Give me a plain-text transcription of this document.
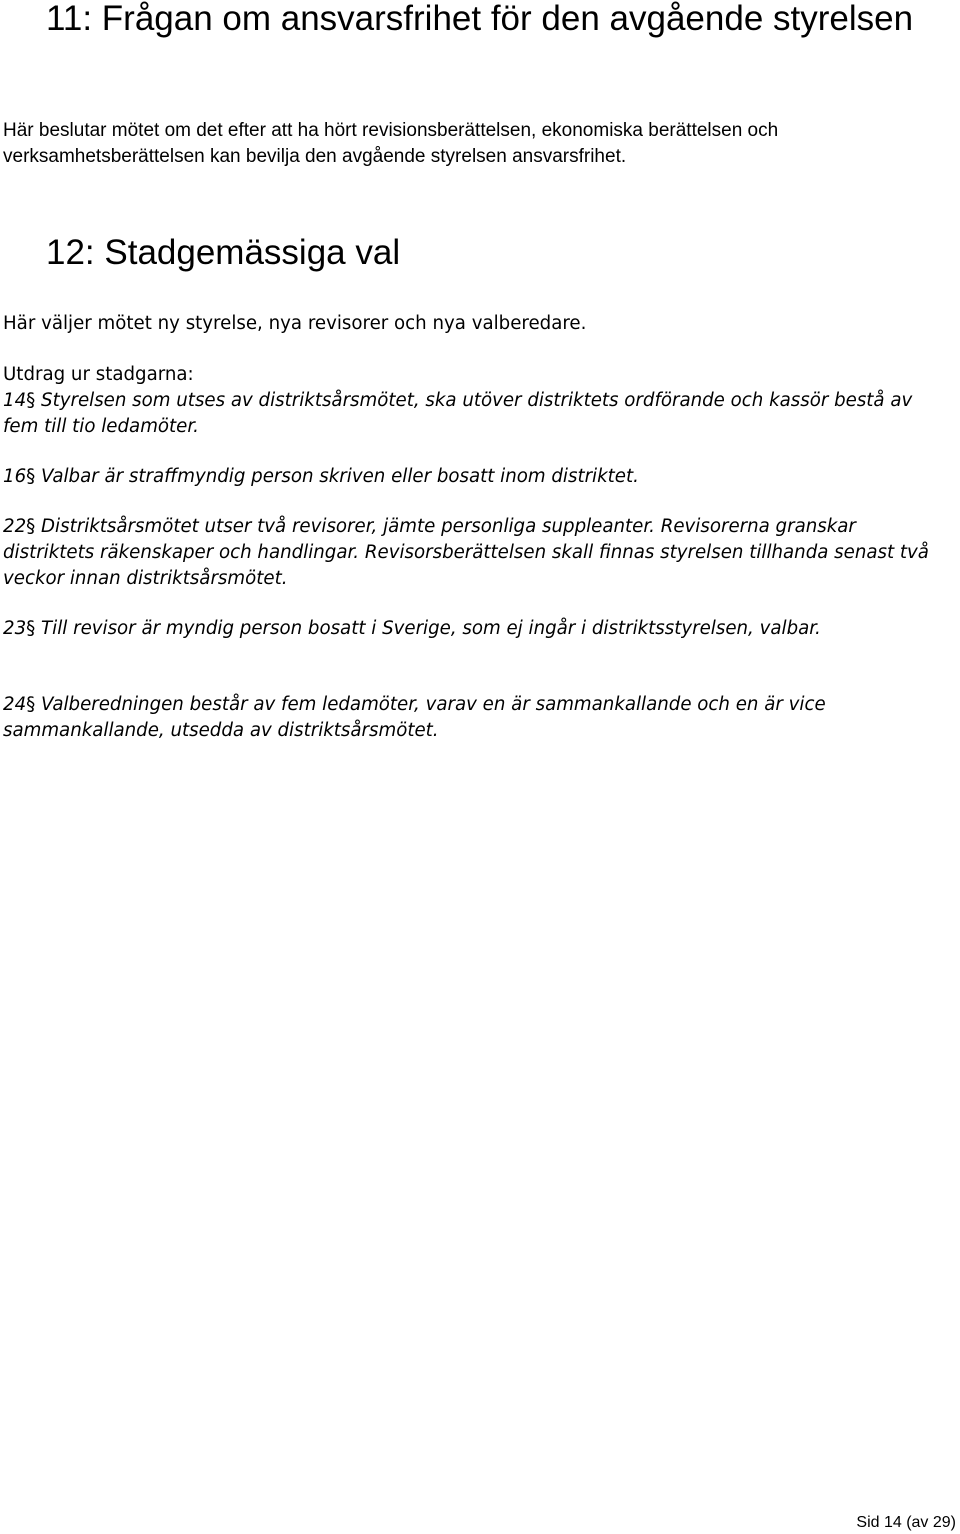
11: Frågan om ansvarsfrihet för den avgående styrelsen

Här beslutar mötet om det efter att ha hört revisionsberättelsen, ekonomiska berättelsen och verksamhetsberättelsen kan bevilja den avgående styrelsen ansvarsfrihet.

12: Stadgemässiga val

Här väljer mötet ny styrelse, nya revisorer och nya valberedare.

Utdrag ur stadgarna:

14§ Styrelsen som utses av distriktsårsmötet, ska utöver distriktets ordförande och kassör bestå av fem till tio ledamöter.

16§ Valbar är straffmyndig person skriven eller bosatt inom distriktet.

22§ Distriktsårsmötet utser två revisorer, jämte personliga suppleanter. Revisorerna granskar distriktets räkenskaper och handlingar. Revisorsberättelsen skall finnas styrelsen tillhanda senast två veckor innan distriktsårsmötet.

23§ Till revisor är myndig person bosatt i Sverige, som ej ingår i distriktsstyrelsen, valbar.

24§ Valberedningen består av fem ledamöter, varav en är sammankallande och en är vice sammankallande, utsedda av distriktsårsmötet.

Sid 14 (av 29)
